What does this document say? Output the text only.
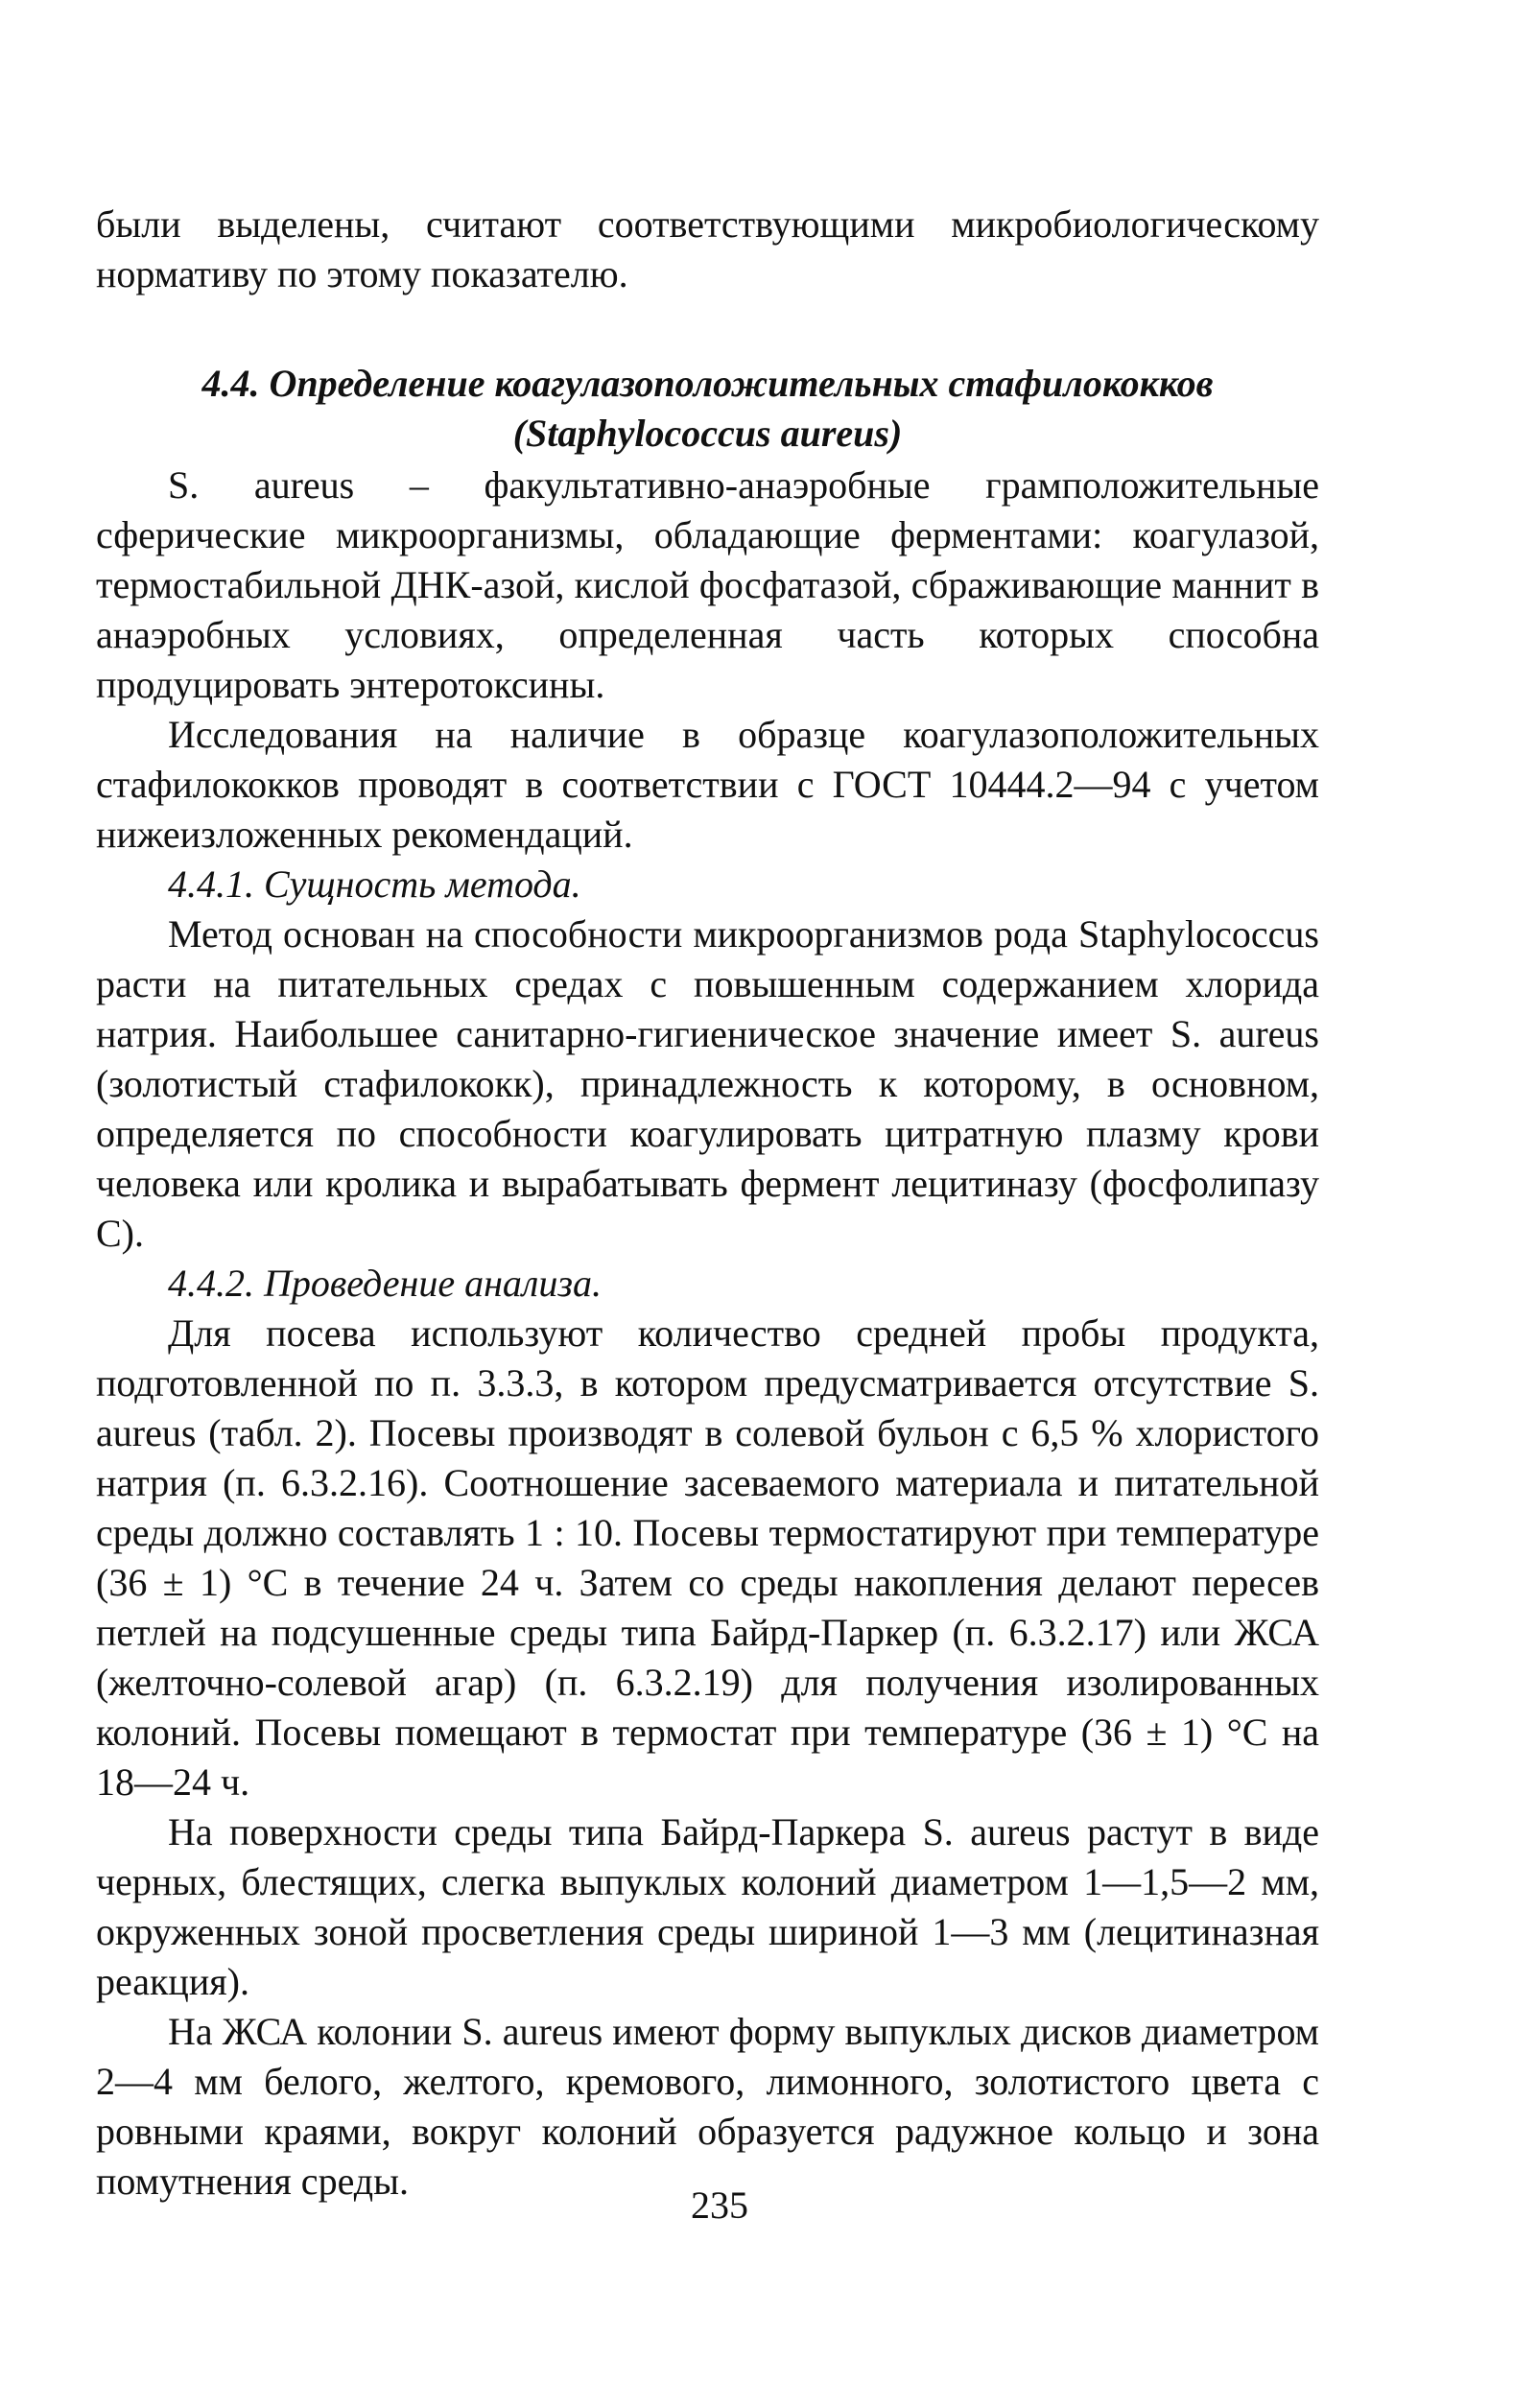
были выделены, считают соответствующими микробиологическому нормативу по этому показателю.

4.4. Определение коагулазоположительных стафилококков
(Staphylococcus aureus)

S. aureus – факультативно-анаэробные грамположительные сферические микроорганизмы, обладающие ферментами: коагулазой, термостабильной ДНК-азой, кислой фосфатазой, сбраживающие маннит в анаэробных условиях, определенная часть которых способна продуцировать энтеротоксины.

Исследования на наличие в образце коагулазоположительных стафилококков проводят в соответствии с ГОСТ 10444.2—94 с учетом нижеизложенных рекомендаций.

4.4.1. Сущность метода.

Метод основан на способности микроорганизмов рода Staphylococcus расти на питательных средах с повышенным содержанием хлорида натрия. Наибольшее санитарно-гигиеническое значение имеет S. aureus (золотистый стафилококк), принадлежность к которому, в основном, определяется по способности коагулировать цитратную плазму крови человека или кролика и вырабатывать фермент лецитиназу (фосфолипазу С).

4.4.2. Проведение анализа.

Для посева используют количество средней пробы продукта, подготовленной по п. 3.3.3, в котором предусматривается отсутствие S. aureus (табл. 2). Посевы производят в солевой бульон с 6,5 % хлористого натрия (п. 6.3.2.16). Соотношение засеваемого материала и питательной среды должно составлять 1 : 10. Посевы термостатируют при температуре (36 ± 1) °С в течение 24 ч. Затем со среды накопления делают пересев петлей на подсушенные среды типа Байрд-Паркер (п. 6.3.2.17) или ЖСА (желточно-солевой агар) (п. 6.3.2.19) для получения изолированных колоний. Посевы помещают в термостат при температуре (36 ± 1) °С на 18—24 ч.

На поверхности среды типа Байрд-Паркера S. aureus растут в виде черных, блестящих, слегка выпуклых колоний диаметром 1—1,5—2 мм, окруженных зоной просветления среды шириной 1—3 мм (лецитиназная реакция).

На ЖСА колонии S. aureus имеют форму выпуклых дисков диаметром 2—4 мм белого, желтого, кремового, лимонного, золотистого цвета с ровными краями, вокруг колоний образуется радужное кольцо и зона помутнения среды.

235
